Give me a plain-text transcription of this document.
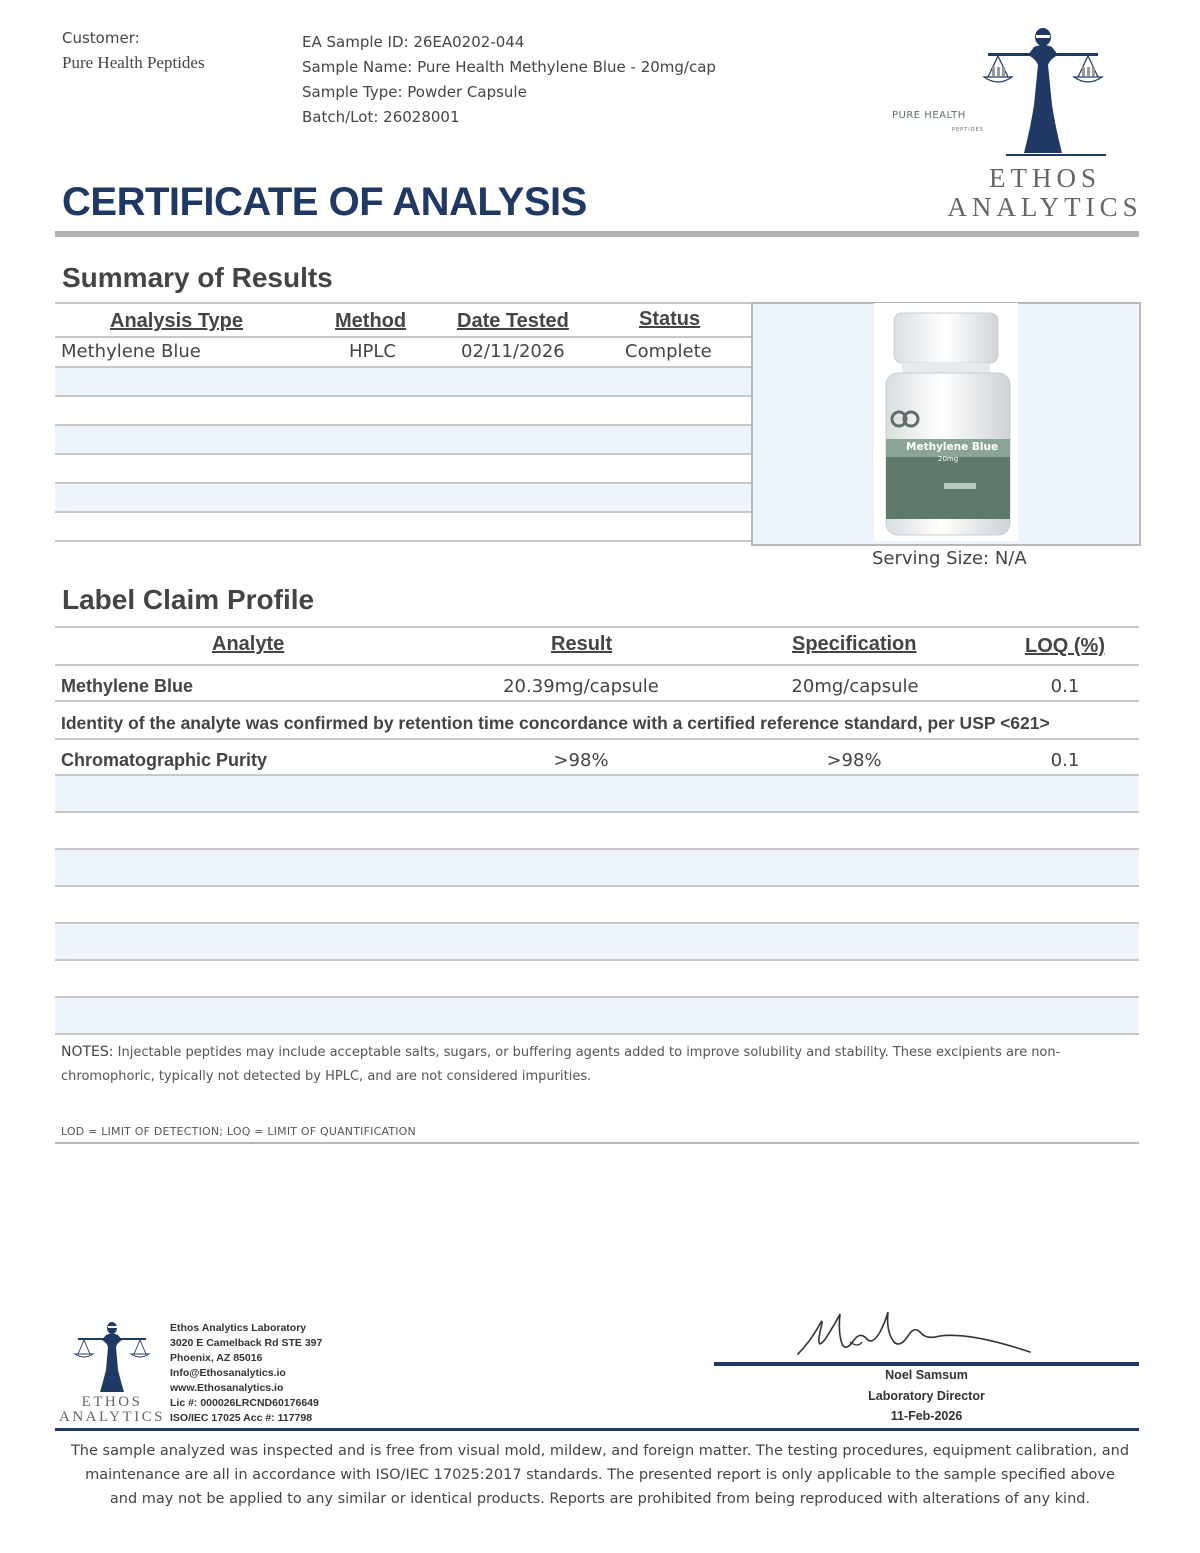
Customer:
Pure Health Peptides
EA Sample ID: 26EA0202-044
Sample Name: Pure Health Methylene Blue - 20mg/cap
Sample Type: Powder Capsule
Batch/Lot: 26028001
ETHOS
ANALYTICS
CERTIFICATE OF ANALYSIS
Summary of Results
Analysis Type	Method	Date Tested	Status
Methylene Blue	HPLC	02/11/2026	Complete
PURE HEALTH
PEPTIDES
Methylene Blue
20mg
Serving Size: N/A
Label Claim Profile
Analyte	Result	Specification	LOQ (%)
Methylene Blue	20.39mg/capsule	20mg/capsule	0.1
Identity of the analyte was confirmed by retention time concordance with a certified reference standard, per USP <621>
Chromatographic Purity	>98%	>98%	0.1
NOTES: Injectable peptides may include acceptable salts, sugars, or buffering agents added to improve solubility and stability. These excipients are non-chromophoric, typically not detected by HPLC, and are not considered impurities.
LOD = LIMIT OF DETECTION; LOQ = LIMIT OF QUANTIFICATION
ETHOS
ANALYTICS
Ethos Analytics Laboratory
3020 E Camelback Rd STE 397
Phoenix, AZ 85016
Info@Ethosanalytics.io
www.Ethosanalytics.io
Lic #: 000026LRCND60176649
ISO/IEC 17025 Acc #: 117798
Noel Samsum
Laboratory Director
11-Feb-2026
The sample analyzed was inspected and is free from visual mold, mildew, and foreign matter. The testing procedures, equipment calibration, and maintenance are all in accordance with ISO/IEC 17025:2017 standards. The presented report is only applicable to the sample specified above and may not be applied to any similar or identical products. Reports are prohibited from being reproduced with alterations of any kind.
